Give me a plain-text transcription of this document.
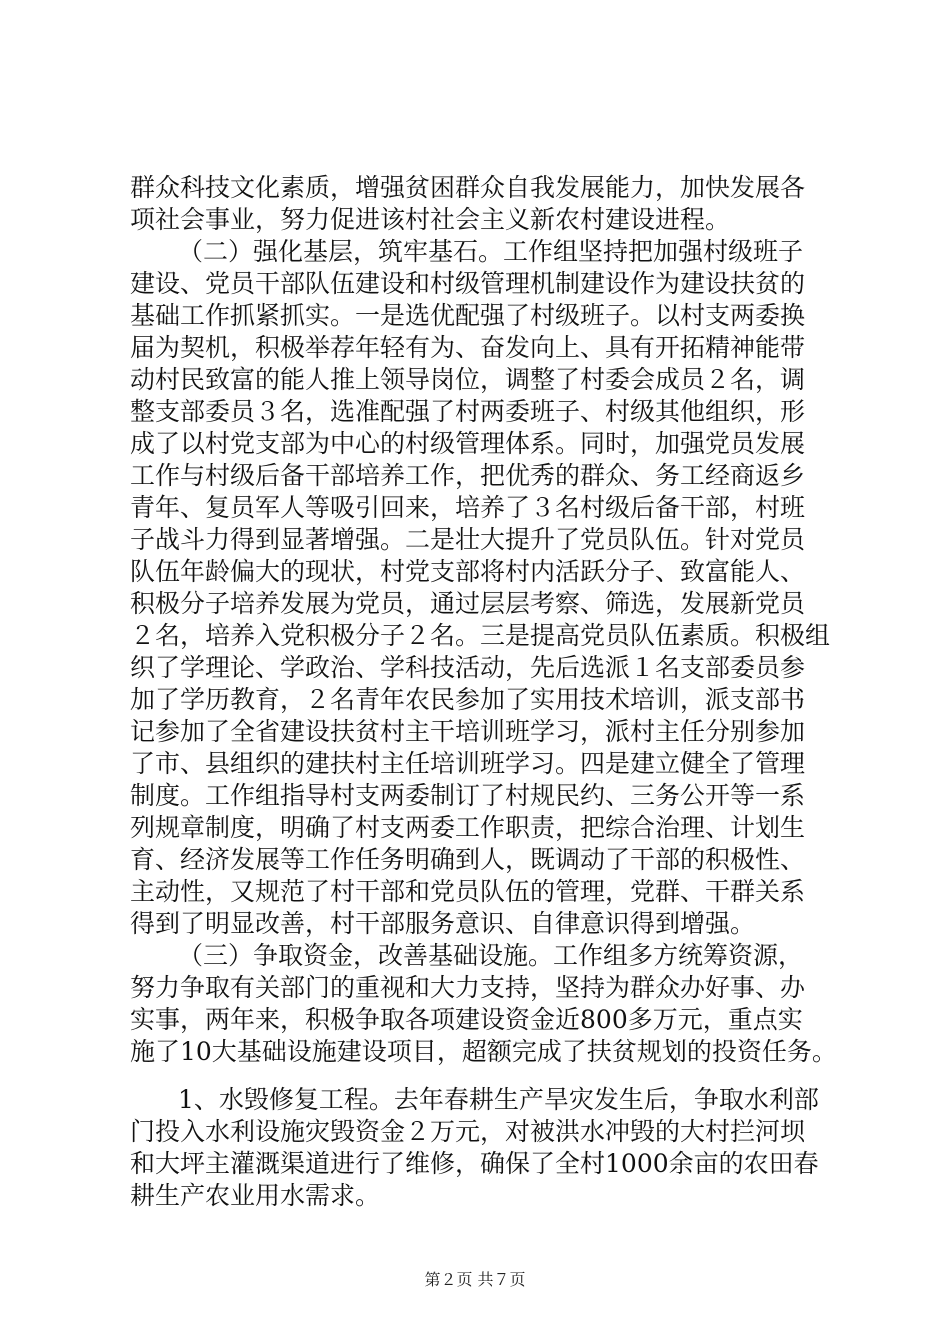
群众科技文化素质，增强贫困群众自我发展能力，加快发展各
项社会事业，努力促进该村社会主义新农村建设进程。
（二）强化基层，筑牢基石。工作组坚持把加强村级班子
建设、党员干部队伍建设和村级管理机制建设作为建设扶贫的
基础工作抓紧抓实。一是选优配强了村级班子。以村支两委换
届为契机，积极举荐年轻有为、奋发向上、具有开拓精神能带
动村民致富的能人推上领导岗位，调整了村委会成员２名，调
整支部委员３名，选准配强了村两委班子、村级其他组织，形
成了以村党支部为中心的村级管理体系。同时，加强党员发展
工作与村级后备干部培养工作，把优秀的群众、务工经商返乡
青年、复员军人等吸引回来，培养了３名村级后备干部，村班
子战斗力得到显著增强。二是壮大提升了党员队伍。针对党员
队伍年龄偏大的现状，村党支部将村内活跃分子、致富能人、
积极分子培养发展为党员，通过层层考察、筛选，发展新党员
２名，培养入党积极分子２名。三是提高党员队伍素质。积极组
织了学理论、学政治、学科技活动，先后选派１名支部委员参
加了学历教育，２名青年农民参加了实用技术培训，派支部书
记参加了全省建设扶贫村主干培训班学习，派村主任分别参加
了市、县组织的建扶村主任培训班学习。四是建立健全了管理
制度。工作组指导村支两委制订了村规民约、三务公开等一系
列规章制度，明确了村支两委工作职责，把综合治理、计划生
育、经济发展等工作任务明确到人，既调动了干部的积极性、
主动性，又规范了村干部和党员队伍的管理，党群、干群关系
得到了明显改善，村干部服务意识、自律意识得到增强。
（三）争取资金，改善基础设施。工作组多方统筹资源，
努力争取有关部门的重视和大力支持，坚持为群众办好事、办
实事，两年来，积极争取各项建设资金近800多万元，重点实
施了10大基础设施建设项目，超额完成了扶贫规划的投资任务。
1、水毁修复工程。去年春耕生产旱灾发生后，争取水利部
门投入水利设施灾毁资金２万元，对被洪水冲毁的大村拦河坝
和大坪主灌溉渠道进行了维修，确保了全村1000余亩的农田春
耕生产农业用水需求。
第２页 共７页
